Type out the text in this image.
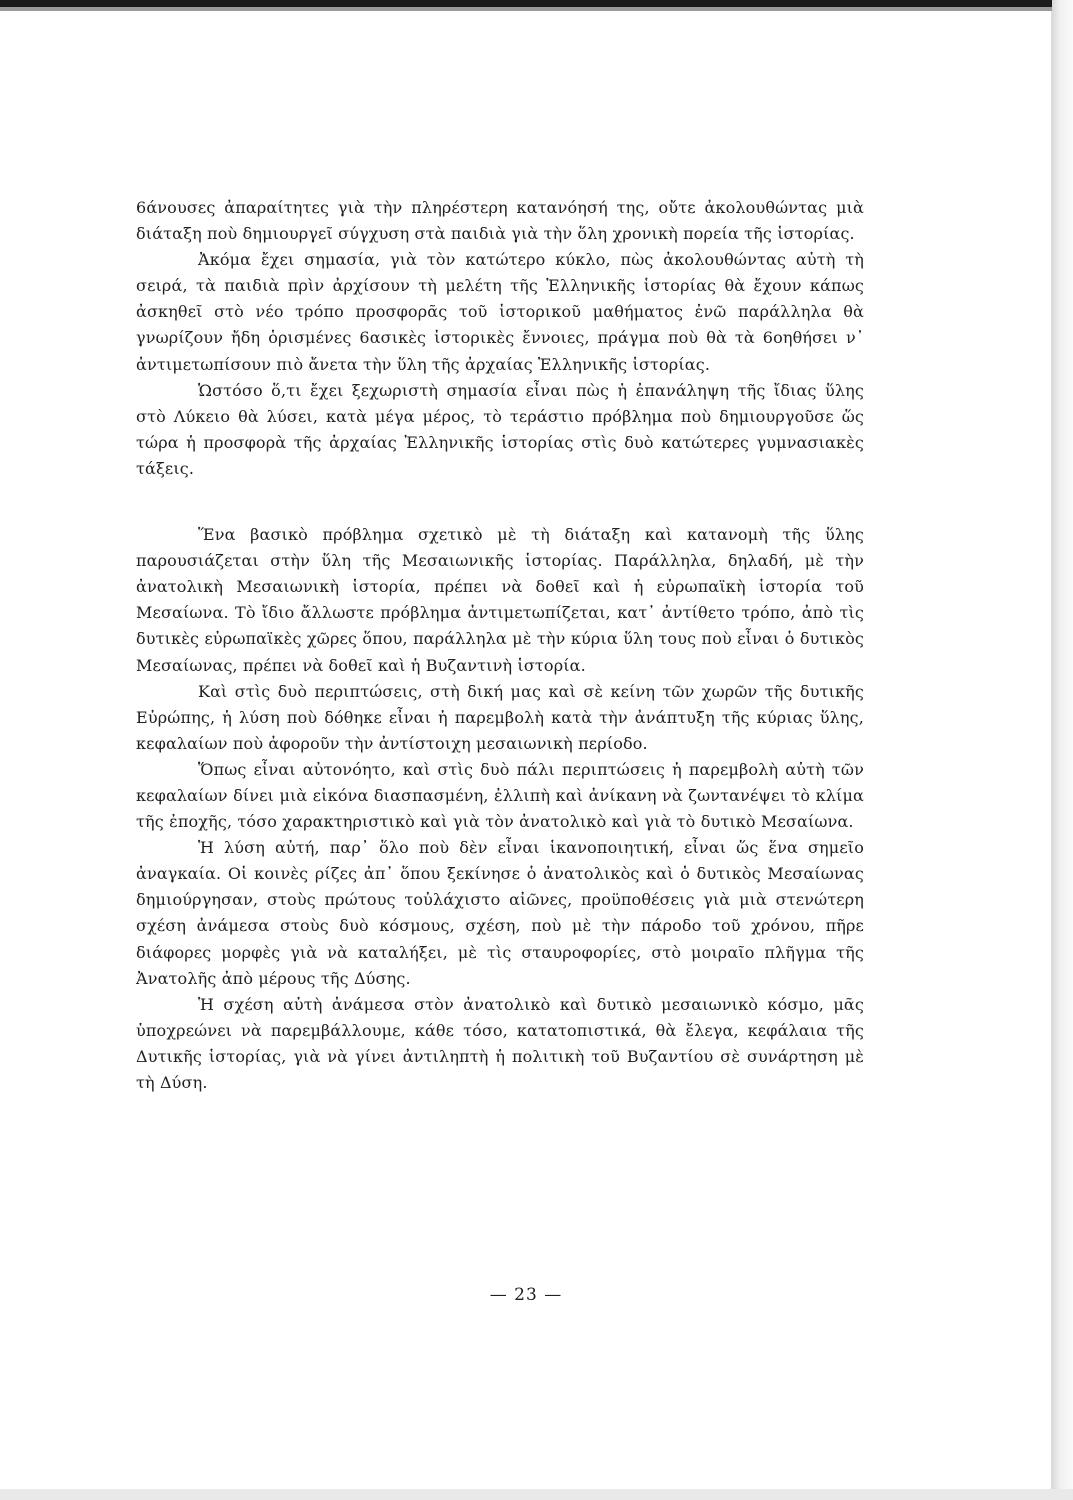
6άνουσες ἀπαραίτητες γιὰ τὴν πληρέστερη κατανόησή της, οὔτε ἀκολουθώντας μιὰ διάταξη ποὺ δημιουργεῖ σύγχυση στὰ παιδιὰ γιὰ τὴν ὅλη χρονικὴ πορεία τῆς ἱστορίας.

Ἀκόμα ἔχει σημασία, γιὰ τὸν κατώτερο κύκλο, πὼς ἀκολουθώντας αὐτὴ τὴ σειρά, τὰ παιδιὰ πρὶν ἀρχίσουν τὴ μελέτη τῆς Ἑλληνικῆς ἱστορίας θὰ ἔχουν κάπως ἀσκηθεῖ στὸ νέο τρόπο προσφορᾶς τοῦ ἱστορικοῦ μαθήματος ἐνῶ παράλληλα θὰ γνωρίζουν ἤδη ὁρισμένες 6ασικὲς ἱστορικὲς ἔννοιες, πράγμα ποὺ θὰ τὰ 6οηθήσει ν᾽ ἀντιμετωπίσουν πιὸ ἄνετα τὴν ὕλη τῆς ἀρχαίας Ἑλληνικῆς ἱστορίας.

Ὡστόσο ὅ,τι ἔχει ξεχωριστὴ σημασία εἶναι πὼς ἡ ἐπανάληψη τῆς ἴδιας ὕλης στὸ Λύκειο θὰ λύσει, κατὰ μέγα μέρος, τὸ τεράστιο πρόβλημα ποὺ δημιουργοῦσε ὥς τώρα ἡ προσφορὰ τῆς ἀρχαίας Ἑλληνικῆς ἱστορίας στὶς δυὸ κατώτερες γυμνασιακὲς τάξεις.

Ἕνα βασικὸ πρόβλημα σχετικὸ μὲ τὴ διάταξη καὶ κατανομὴ τῆς ὕλης παρουσιάζεται στὴν ὕλη τῆς Μεσαιωνικῆς ἱστορίας. Παράλληλα, δηλαδή, μὲ τὴν ἀνατολικὴ Μεσαιωνικὴ ἱστορία, πρέπει νὰ δοθεῖ καὶ ἡ εὐρωπαϊκὴ ἱστορία τοῦ Μεσαίωνα. Τὸ ἴδιο ἄλλωστε πρόβλημα ἀντιμετωπίζεται, κατ᾽ ἀντίθετο τρόπο, ἀπὸ τὶς δυτικὲς εὐρωπαϊκὲς χῶρες ὅπου, παράλληλα μὲ τὴν κύρια ὕλη τους ποὺ εἶναι ὁ δυτικὸς Μεσαίωνας, πρέπει νὰ δοθεῖ καὶ ἡ Βυζαντινὴ ἱστορία.

Καὶ στὶς δυὸ περιπτώσεις, στὴ δική μας καὶ σὲ κείνη τῶν χωρῶν τῆς δυτικῆς Εὐρώπης, ἡ λύση ποὺ δόθηκε εἶναι ἡ παρεμβολὴ κατὰ τὴν ἀνάπτυξη τῆς κύριας ὕλης, κεφαλαίων ποὺ ἀφοροῦν τὴν ἀντίστοιχη μεσαιωνικὴ περίοδο.

Ὅπως εἶναι αὐτονόητο, καὶ στὶς δυὸ πάλι περιπτώσεις ἡ παρεμβολὴ αὐτὴ τῶν κεφαλαίων δίνει μιὰ εἰκόνα διασπασμένη, ἐλλιπὴ καὶ ἀνίκανη νὰ ζωντανέψει τὸ κλίμα τῆς ἐποχῆς, τόσο χαρακτηριστικὸ καὶ γιὰ τὸν ἀνατολικὸ καὶ γιὰ τὸ δυτικὸ Μεσαίωνα.

Ἡ λύση αὐτή, παρ᾽ ὅλο ποὺ δὲν εἶναι ἱκανοποιητική, εἶναι ὥς ἕνα σημεῖο ἀναγκαία. Οἱ κοινὲς ρίζες ἀπ᾽ ὅπου ξεκίνησε ὁ ἀνατολικὸς καὶ ὁ δυτικὸς Μεσαίωνας δημιούργησαν, στοὺς πρώτους τοὐλάχιστο αἰῶνες, προϋποθέσεις γιὰ μιὰ στενώτερη σχέση ἀνάμεσα στοὺς δυὸ κόσμους, σχέση, ποὺ μὲ τὴν πάροδο τοῦ χρόνου, πῆρε διάφορες μορφὲς γιὰ νὰ καταλήξει, μὲ τὶς σταυροφορίες, στὸ μοιραῖο πλῆγμα τῆς Ἀνατολῆς ἀπὸ μέρους τῆς Δύσης.

Ἡ σχέση αὐτὴ ἀνάμεσα στὸν ἀνατολικὸ καὶ δυτικὸ μεσαιωνικὸ κόσμο, μᾶς ὑποχρεώνει νὰ παρεμβάλλουμε, κάθε τόσο, κατατοπιστικά, θὰ ἔλεγα, κεφάλαια τῆς Δυτικῆς ἱστορίας, γιὰ νὰ γίνει ἀντιληπτὴ ἡ πολιτικὴ τοῦ Βυζαντίου σὲ συνάρτηση μὲ τὴ Δύση.

— 23 —
